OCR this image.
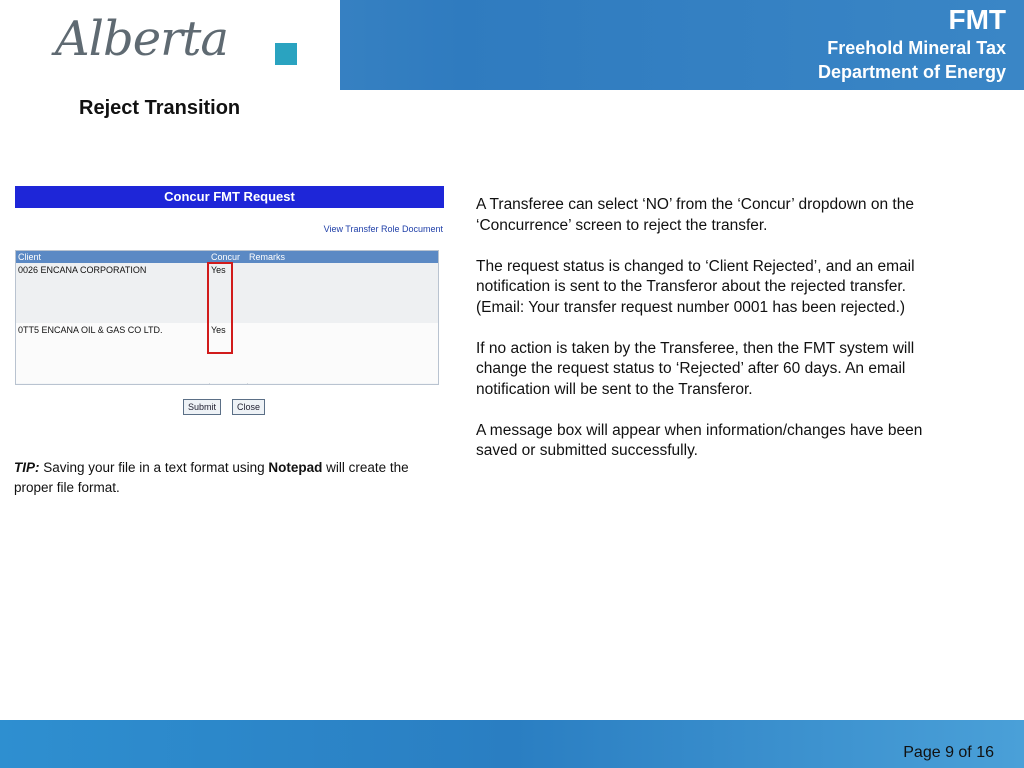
Alberta	FMT
Freehold Mineral Tax
Department of Energy
Reject Transition
Concur FMT Request
View Transfer Role Document
Client	Concur Remarks
0026 ENCANA CORPORATION	Yes
0TT5 ENCANA OIL & GAS CO LTD.	Yes
Submit	Close

A Transferee can select ‘NO’ from the ‘Concur’ dropdown on the ‘Concurrence’ screen to reject the transfer.

The request status is changed to ‘Client Rejected’, and an email notification is sent to the Transferor about the rejected transfer.
(Email: Your transfer request number 0001 has been rejected.)

If no action is taken by the Transferee, then the FMT system will change the request status to ‘Rejected’ after 60 days. An email notification will be sent to the Transferor.

A message box will appear when information/changes have been saved or submitted successfully.

TIP: Saving your file in a text format using Notepad will create the proper file format.
Page 9 of 16
